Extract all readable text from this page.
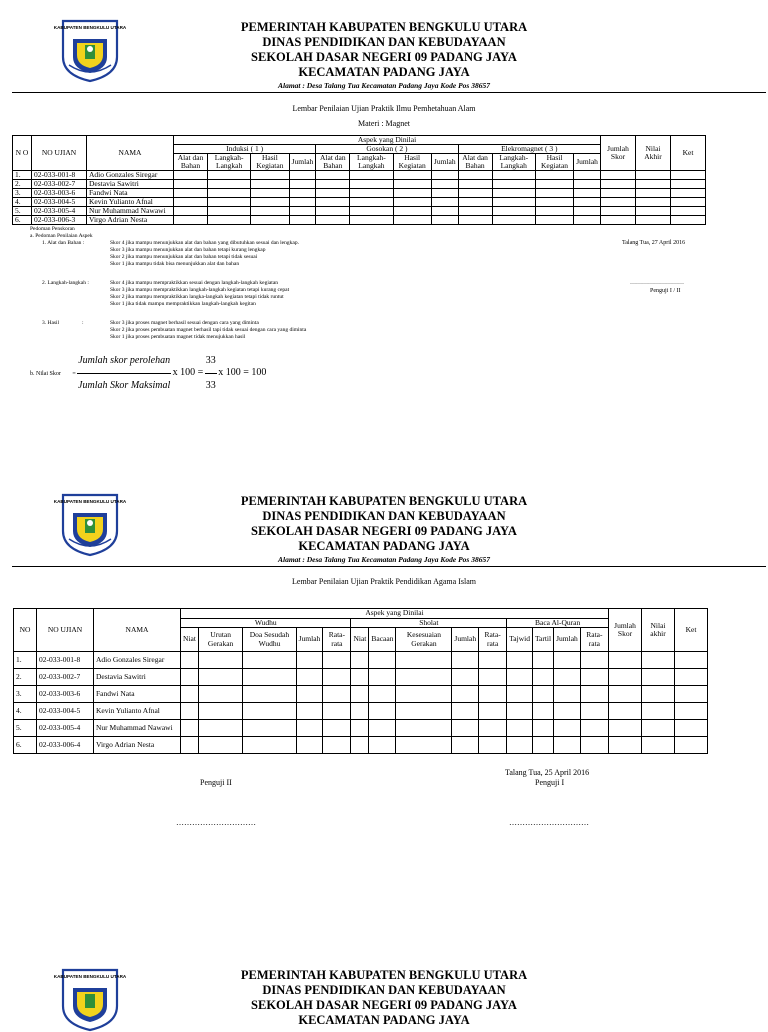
KABUPATEN BENGKULU UTARA
KABUPATEN BENGKULU UTARA
KABUPATEN BENGKULU UTARA
PEMERINTAH KABUPATEN BENGKULU UTARA
DINAS PENDIDIKAN DAN KEBUDAYAAN
SEKOLAH DASAR NEGERI 09 PADANG JAYA
KECAMATAN PADANG JAYA
Alamat : Desa Talang Tua Kecamatan Padang Jaya Kode Pos 38657
Lembar Penilaian Ujian Praktik Ilmu Pemhetahuan Alam
Materi : Magnet
N O	NO UJIAN	NAMA	Aspek yang Dinilai												Jumlah Skor	Nilai Akhir	Ket
			Induksi ( 1 )				Gosokan ( 2 )				Elekromagnet ( 3 )						
			Alat dan Bahan	Langkah-Langkah	Hasil Kegiatan	Jumlah	Alat dan Bahan	Langkah-Langkah	Hasil Kegiatan	Jumlah	Alat dan Bahan	Langkah-Langkah	Hasil Kegiatan	Jumlah			
1.	02-033-001-8	Adio Gonzales Siregar															
2.	02-033-002-7	Destavia Sawitri															
3.	02-033-003-6	Fandwi Nata															
4.	02-033-004-5	Kevin Yulianto Afnal															
5.	02-033-005-4	Nur Muhammad Nawawi															
6.	02-033-006-3	Virgo Adrian Nesta															
Pedoman Penskoran
a. Pedoman Penilaian Aspek
1. Alat dan Bahan :	Skor 4 jika mampu menunjukkan alat dan bahan yang dibutuhkan sesuai dan lengkap.
Skor 3 jika mampu menunjukkan alat dan bahan tetapi kurang lengkap
Skor 2 jika mampu menunjukkan alat dan bahan tetapi tidak sesuai
Skor 1 jika mampu tidak bisa menunjukkan alat dan bahan
2. Langkah-langkah :	Skor 4 jika mampu mempraktikkan sesuai dengan langkah-langkah kegiatan
Skor 3 jika mampu mempraktikkan langkah-langkah kegiatan tetapi kurang cepat
Skor 2 jika mampu mempraktikkan langka-langkah kegiatan tetapi tidak runtut
Skor 1 jika tidak mampu mempraktikkan langkah-langkah kegitan
3. Hasil	:	Skor 3 jika proses magnet berhasil sesuai dengan cara yang diminta
Skor 2 jika proses pembuatan magnet berhasil tapi tidak sesuai dengan cara yang diminta
Skor 1 jika proses pembuatan magnet tidak menujukkan hasil
b. Nilai Skor =
Jumlah skor perolehan
Jumlah Skor Maksimal x $100 = \frac{33}{33}$ x 100 = 100
Talang Tua, 27 April 2016
………………………
Penguji I / II
PEMERINTAH KABUPATEN BENGKULU UTARA
DINAS PENDIDIKAN DAN KEBUDAYAAN
SEKOLAH DASAR NEGERI 09 PADANG JAYA
KECAMATAN PADANG JAYA
Alamat : Desa Talang Tua Kecamatan Padang Jaya Kode Pos 38657
Lembar Penilaian Ujian Praktik Pendidikan Agama Islam
NO	NO UJIAN	NAMA	Aspek yang Dinilai														Jumlah Skor	Nilai akhir	Ket
			Wudhu					Sholat					Baca Al-Quran						
			Niat	Urutan Gerakan	Doa Sesudah Wudhu	Jumlah	Rata-rata	Niat	Bacaan	Kesesuaian Gerakan	Jumlah	Rata-rata	Tajwid	Tartil	Jumlah	Rata-rata			
1.	02-033-001-8	Adio Gonzales Siregar																	
2.	02-033-002-7	Destavia Sawitri																	
3.	02-033-003-6	Fandwi Nata																	
4.	02-033-004-5	Kevin Yulianto Afnal																	
5.	02-033-005-4	Nur Muhammad Nawawi																	
6.	02-033-006-4	Virgo Adrian Nesta																	
Talang Tua, 25 April 2016
Penguji I
Penguji II
…………………………	…………………………
PEMERINTAH KABUPATEN BENGKULU UTARA
DINAS PENDIDIKAN DAN KEBUDAYAAN
SEKOLAH DASAR NEGERI 09 PADANG JAYA
KECAMATAN PADANG JAYA
